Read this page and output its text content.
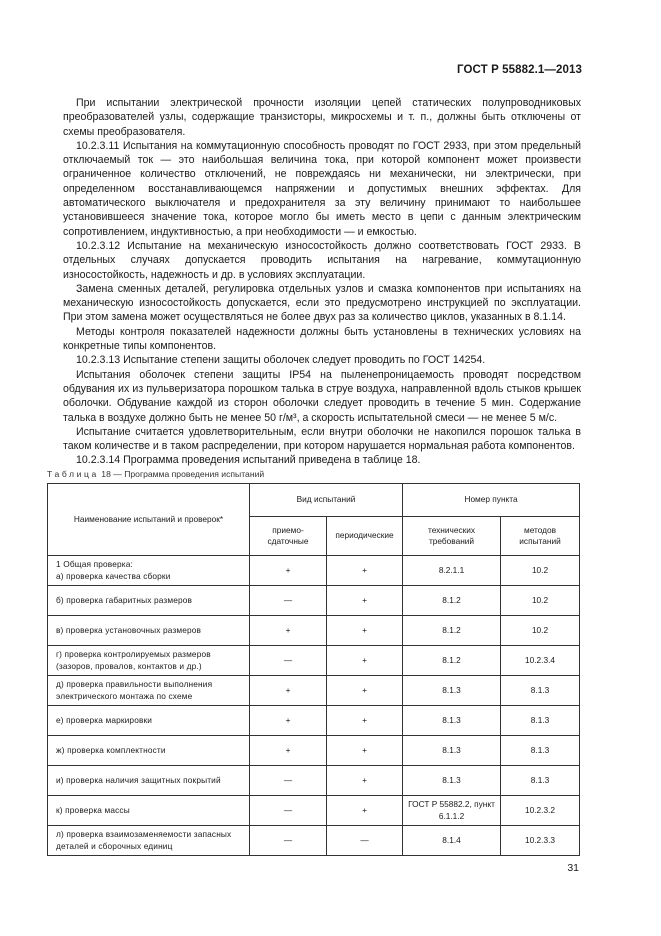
ГОСТ Р 55882.1—2013

При испытании электрической прочности изоляции цепей статических полупроводниковых преобразователей узлы, содержащие транзисторы, микросхемы и т. п., должны быть отключены от схемы преобразователя.

10.2.3.11 Испытания на коммутационную способность проводят по ГОСТ 2933, при этом предельный отключаемый ток — это наибольшая величина тока, при которой компонент может произвести ограниченное количество отключений, не повреждаясь ни механически, ни электрически, при определенном восстанавливающемся напряжении и допустимых внешних эффектах. Для автоматического выключателя и предохранителя за эту величину принимают то наибольшее установившееся значение тока, которое могло бы иметь место в цепи с данным электрическим сопротивлением, индуктивностью, а при необходимости — и емкостью.

10.2.3.12 Испытание на механическую износостойкость должно соответствовать ГОСТ 2933. В отдельных случаях допускается проводить испытания на нагревание, коммутационную износостойкость, надежность и др. в условиях эксплуатации.

Замена сменных деталей, регулировка отдельных узлов и смазка компонентов при испытаниях на механическую износостойкость допускается, если это предусмотрено инструкцией по эксплуатации. При этом замена может осуществляться не более двух раз за количество циклов, указанных в 8.1.14.

Методы контроля показателей надежности должны быть установлены в технических условиях на конкретные типы компонентов.

10.2.3.13 Испытание степени защиты оболочек следует проводить по ГОСТ 14254.

Испытания оболочек степени защиты IP54 на пыленепроницаемость проводят посредством обдувания их из пульверизатора порошком талька в струе воздуха, направленной вдоль стыков крышек оболочки. Обдувание каждой из сторон оболочки следует проводить в течение 5 мин. Содержание талька в воздухе должно быть не менее 50 г/м³, а скорость испытательной смеси — не менее 5 м/с.

Испытание считается удовлетворительным, если внутри оболочки не накопился порошок талька в таком количестве и в таком распределении, при котором нарушается нормальная работа компонентов.

10.2.3.14 Программа проведения испытаний приведена в таблице 18.

Таблица 18 — Программа проведения испытаний
Наименование испытаний и проверок*	Вид испытаний		Номер пункта	
	приемо-сдаточные	периодические	технических требований	методов испытаний
1 Общая проверка:
а) проверка качества сборки	+	+	8.2.1.1	10.2
б) проверка габаритных размеров	—	+	8.1.2	10.2
в) проверка установочных размеров	+	+	8.1.2	10.2
г) проверка контролируемых размеров (зазоров, провалов, контактов и др.)	—	+	8.1.2	10.2.3.4
д) проверка правильности выполнения электрического монтажа по схеме	+	+	8.1.3	8.1.3
е) проверка маркировки	+	+	8.1.3	8.1.3
ж) проверка комплектности	+	+	8.1.3	8.1.3
и) проверка наличия защитных покрытий	—	+	8.1.3	8.1.3
к) проверка массы	—	+	ГОСТ Р 55882.2, пункт 6.1.1.2	10.2.3.2
л) проверка взаимозаменяемости запасных деталей и сборочных единиц	—	—	8.1.4	10.2.3.3
31
